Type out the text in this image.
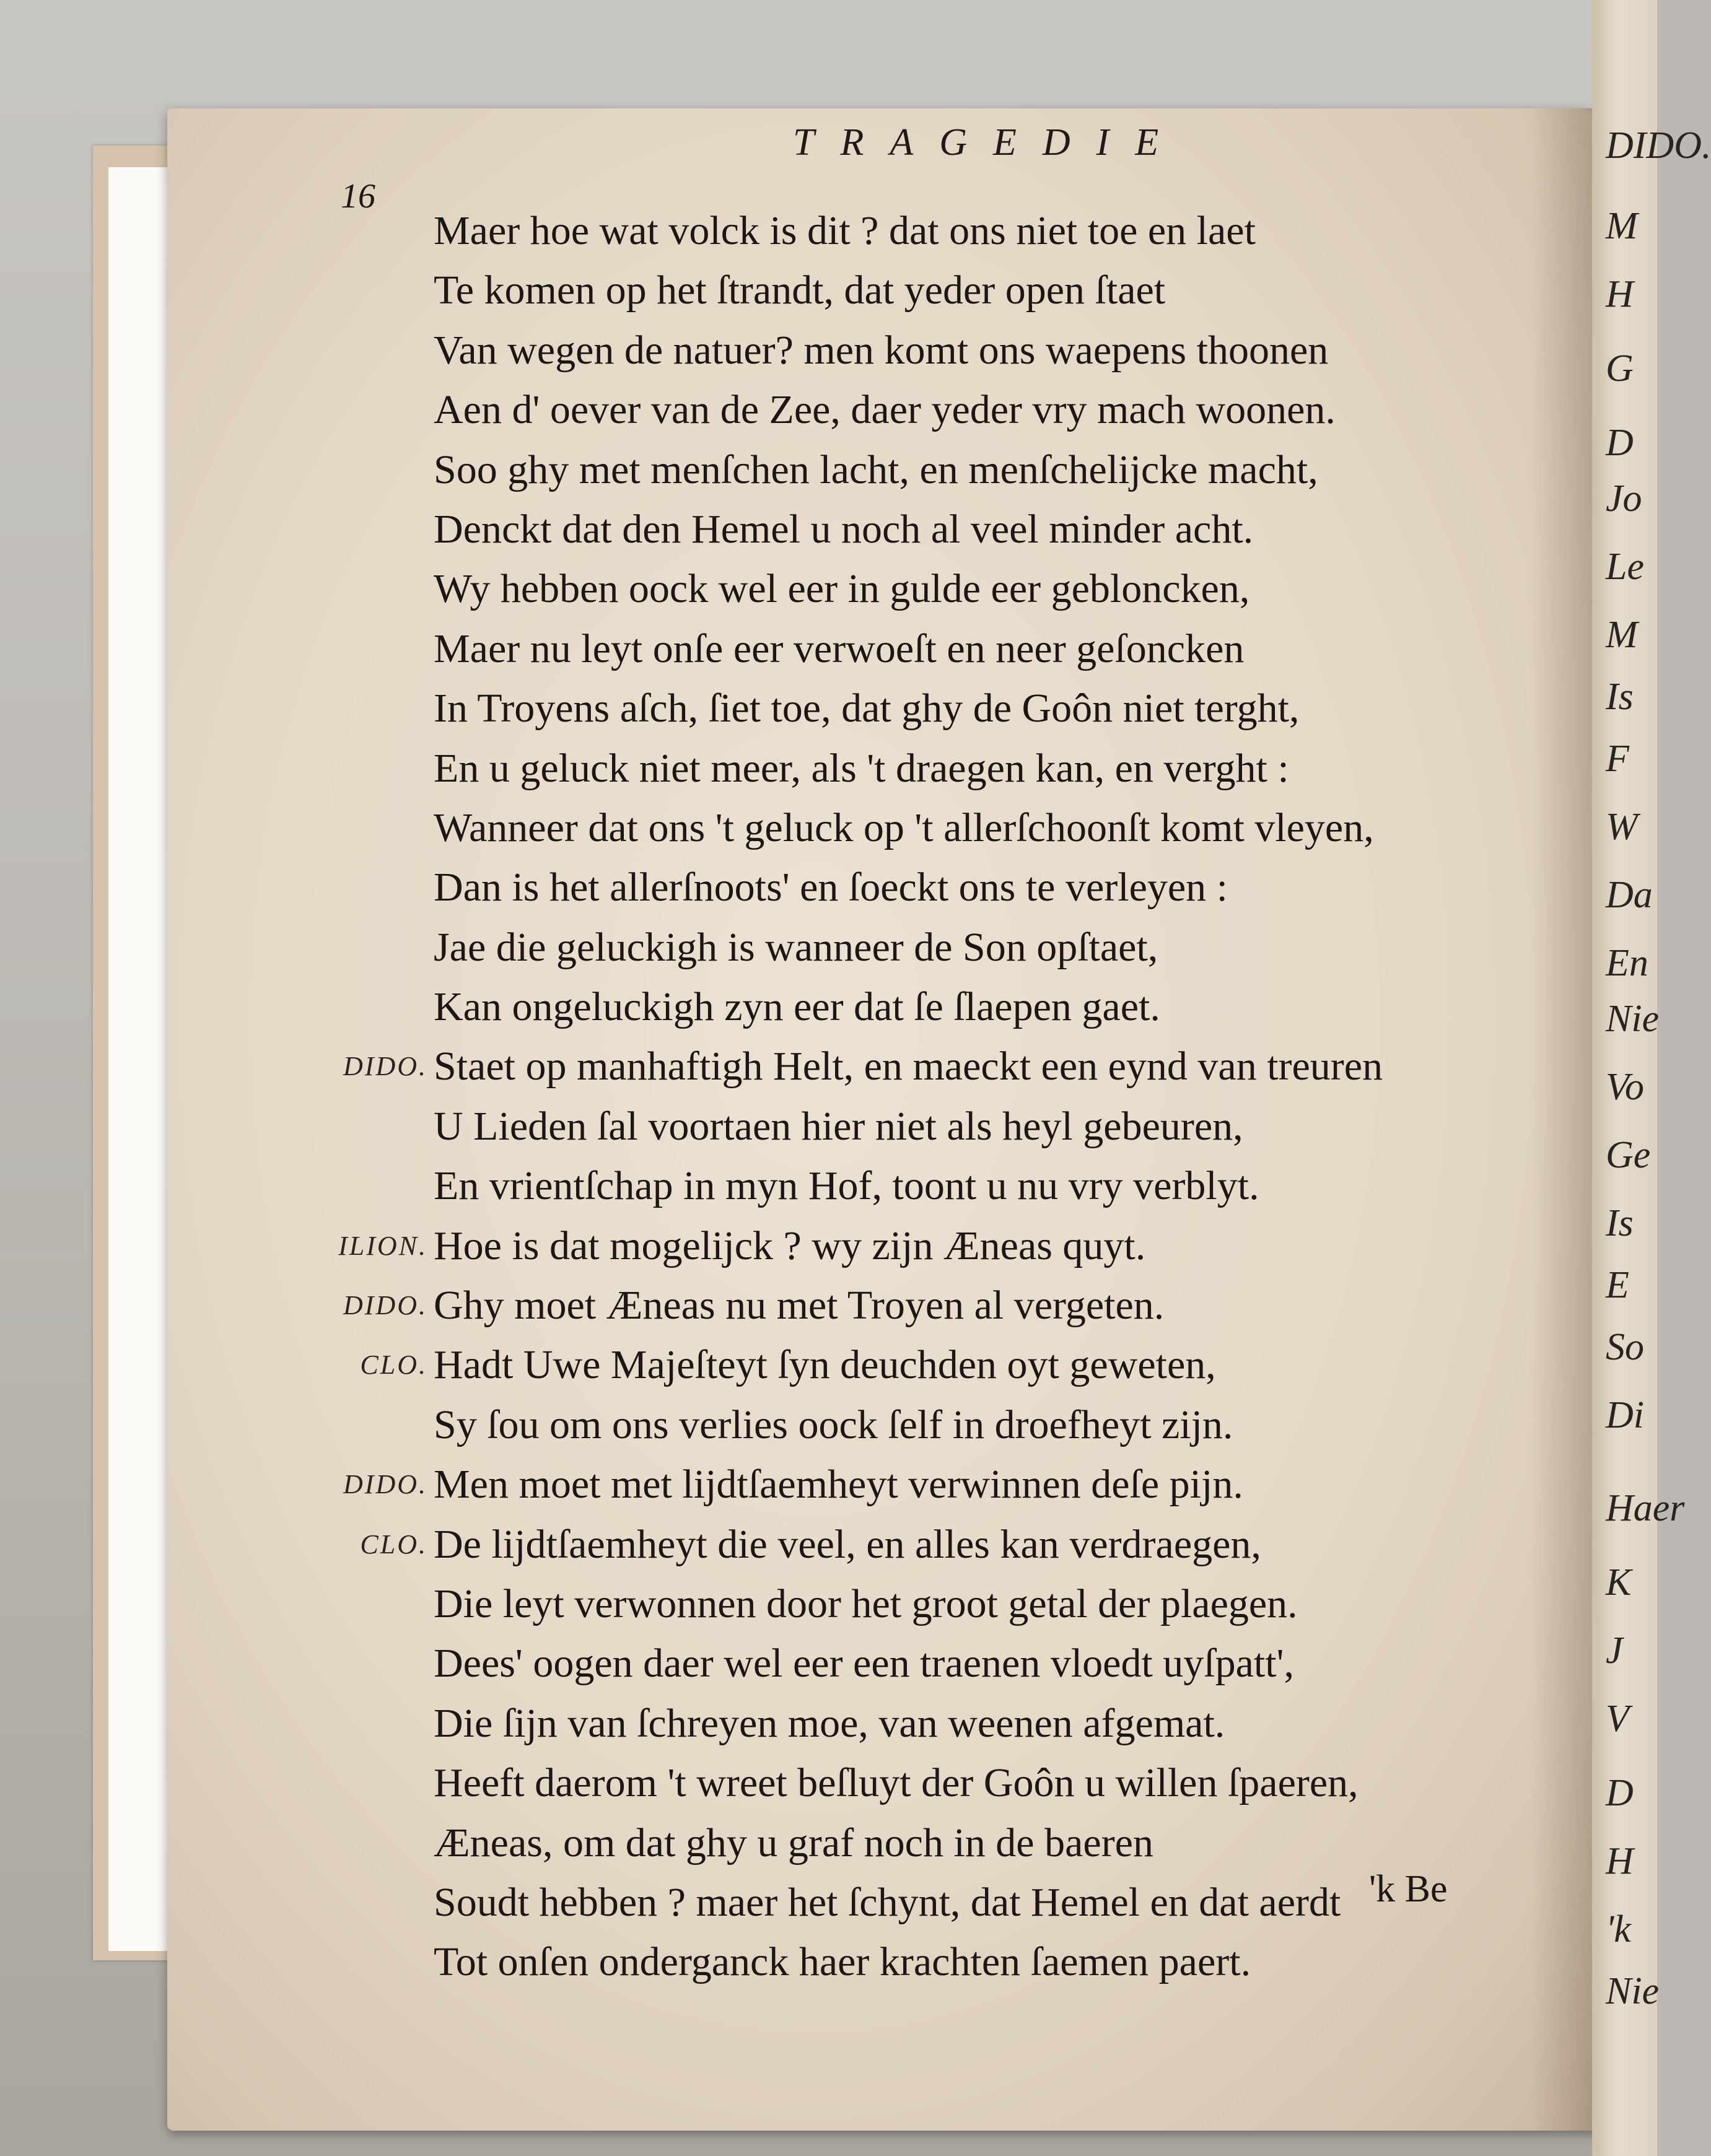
TRAGEDIE
16
Maer hoe wat volck is dit ? dat ons niet toe en laet
Te komen op het ſtrandt, dat yeder open ſtaet
Van wegen de natuer? men komt ons waepens thoonen
Aen d' oever van de Zee, daer yeder vry mach woonen.
Soo ghy met menſchen lacht, en menſchelijcke macht,
Denckt dat den Hemel u noch al veel minder acht.
Wy hebben oock wel eer in gulde eer gebloncken,
Maer nu leyt onſe eer verwoeſt en neer geſoncken
In Troyens aſch, ſiet toe, dat ghy de Goôn niet terght,
En u geluck niet meer, als 't draegen kan, en verght :
Wanneer dat ons 't geluck op 't allerſchoonſt komt vleyen,
Dan is het allerſnoots' en ſoeckt ons te verleyen :
Jae die geluckigh is wanneer de Son opſtaet,
Kan ongeluckigh zyn eer dat ſe ſlaepen gaet.
DIDO. Staet op manhaftigh Helt, en maeckt een eynd van treuren
U Lieden ſal voortaen hier niet als heyl gebeuren,
En vrientſchap in myn Hof, toont u nu vry verblyt.
ILION. Hoe is dat mogelijck ? wy zijn Æneas quyt.
DIDO. Ghy moet Æneas nu met Troyen al vergeten.
CLO. Hadt Uwe Majeſteyt ſyn deuchden oyt geweten,
Sy ſou om ons verlies oock ſelf in droefheyt zijn.
DIDO. Men moet met lijdtſaemheyt verwinnen deſe pijn.
CLO. De lijdtſaemheyt die veel, en alles kan verdraegen,
Die leyt verwonnen door het groot getal der plaegen.
Dees' oogen daer wel eer een traenen vloedt uyſpatt',
Die ſijn van ſchreyen moe, van weenen afgemat.
Heeft daerom 't wreet beſluyt der Goôn u willen ſpaeren,
Æneas, om dat ghy u graf noch in de baeren
Soudt hebben ? maer het ſchynt, dat Hemel en dat aerdt
Tot onſen onderganck haer krachten ſaemen paert.
'k Be
DIDO.
M
H
G
D
Jo
Le
M
Is
F
W
Da
En
Nie
Vo
Ge
Is
E
So
Di
Haer
K
J
V
D
H
'k
Nie
